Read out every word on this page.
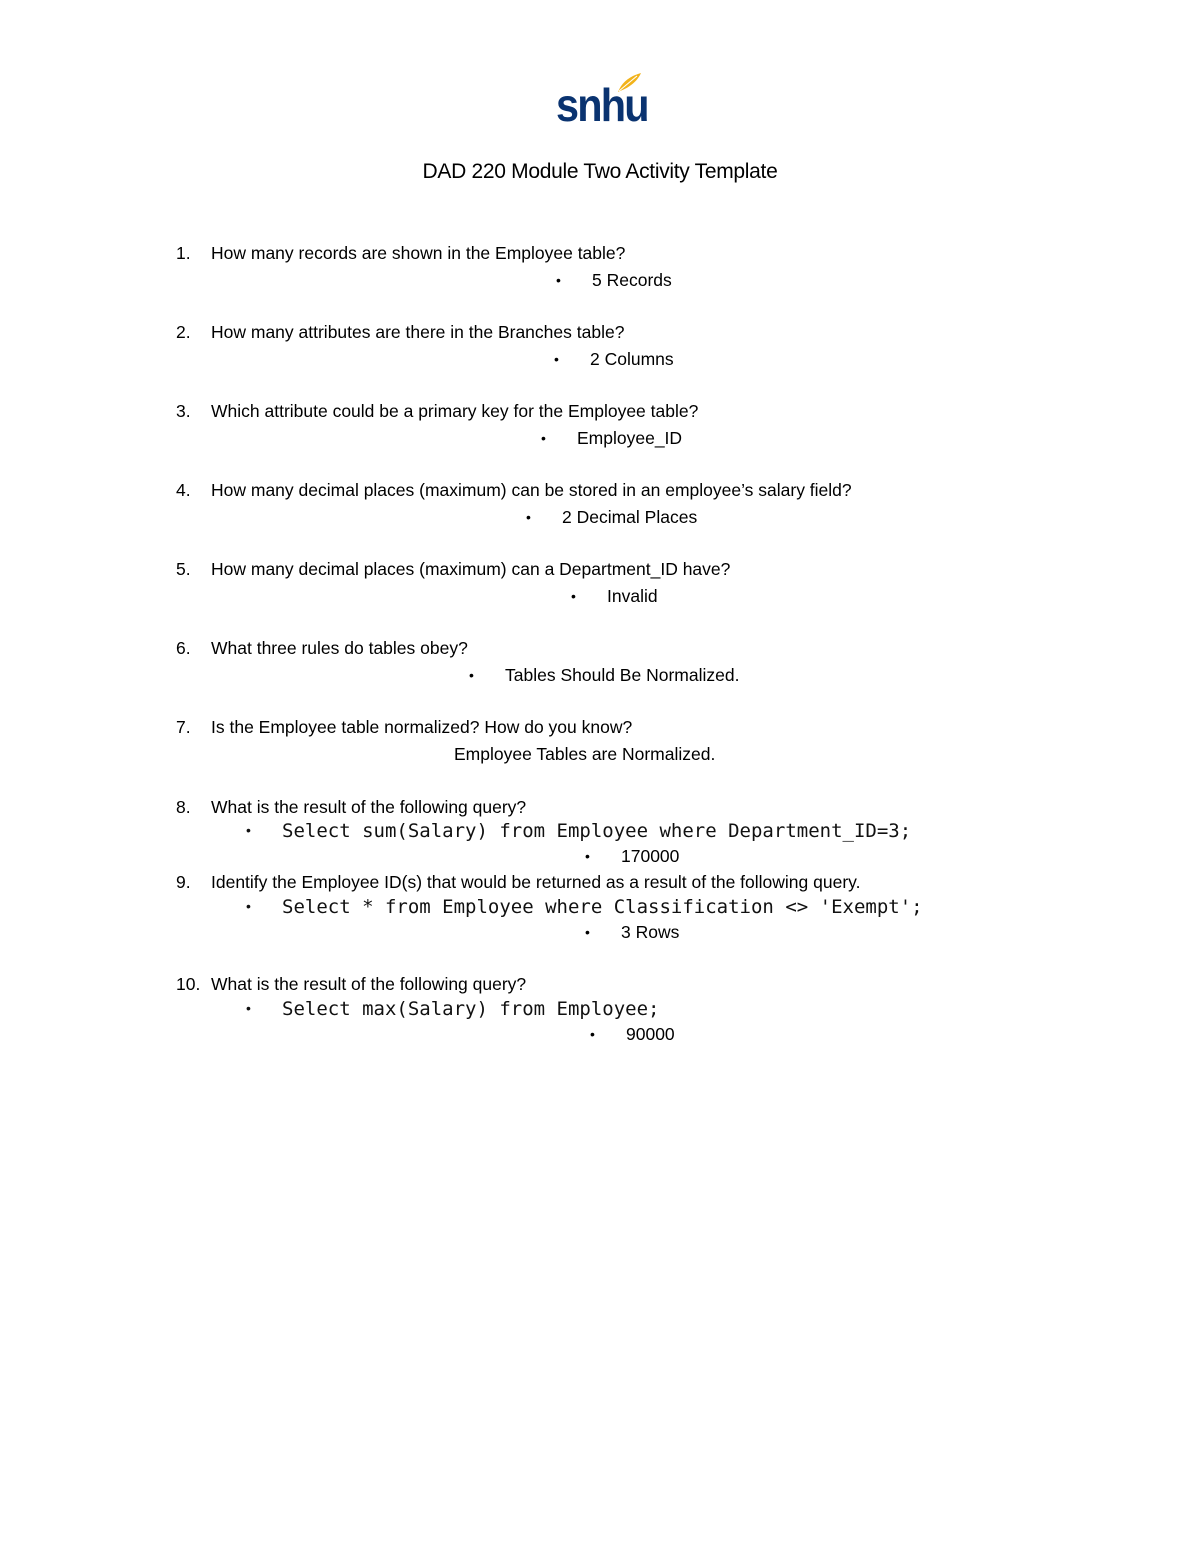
snhu
DAD 220 Module Two Activity Template
1. How many records are shown in the Employee table?
• 5 Records
2. How many attributes are there in the Branches table?
• 2 Columns
3. Which attribute could be a primary key for the Employee table?
• Employee_ID
4. How many decimal places (maximum) can be stored in an employee’s salary field?
• 2 Decimal Places
5. How many decimal places (maximum) can a Department_ID have?
• Invalid
6. What three rules do tables obey?
• Tables Should Be Normalized.
7. Is the Employee table normalized? How do you know?
Employee Tables are Normalized.
8. What is the result of the following query?
• Select sum(Salary) from Employee where Department_ID=3;
• 170000
9. Identify the Employee ID(s) that would be returned as a result of the following query.
• Select * from Employee where Classification <> 'Exempt';
• 3 Rows
10. What is the result of the following query?
• Select max(Salary) from Employee;
• 90000
